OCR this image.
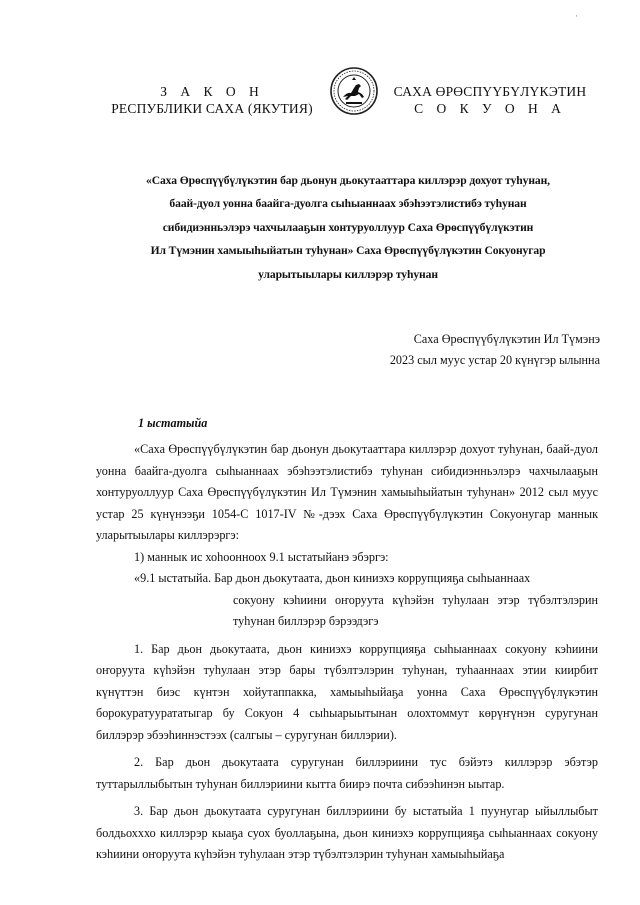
·
З А К О Н
РЕСПУБЛИКИ САХА (ЯКУТИЯ)
САХА ӨРӨСПҮҮБҮЛҮКЭТИН
С О К У О Н А
«Саха Өрөспүүбүлүкэтин бар дьонун дьокутааттара киллэрэр дохуот туһунан,
баай-дуол уонна баайга-дуолга сыһыаннаах эбэһээтэлистибэ туһунан
сибидиэнньэлэрэ чахчылааҕын хонтуруоллуур Саха Өрөспүүбүлүкэтин
Ил Түмэнин хамыыһыйатын туһунан» Саха Өрөспүүбүлүкэтин Сокуонугар
уларытыылары киллэрэр туһунан
Саха Өрөспүүбүлүкэтин Ил Түмэнэ
2023 сыл муус устар 20 күнүгэр ылынна
1 ыстатыйа

«Саха Өрөспүүбүлүкэтин бар дьонун дьокутааттара киллэрэр дохуот туһунан, баай-дуол уонна баайга-дуолга сыһыаннаах эбэһээтэлистибэ туһунан сибидиэнньэлэрэ чахчылааҕын хонтуруоллуур Саха Өрөспүүбүлүкэтин Ил Түмэнин хамыыһыйатын туһунан» 2012 сыл муус устар 25 күнүнээҕи 1054-С 1017-IV №-дээх Саха Өрөспүүбүлүкэтин Сокуонугар маннык уларытыылары киллэрэргэ:

1) маннык ис хоһоонноох 9.1 ыстатыйанэ эбэргэ:

«9.1 ыстатыйа. Бар дьон дьокутаата, дьон киниэхэ коррупцияҕа сыһыаннаах

сокуону кэһиини оҥоруута күһэйэн туһулаан этэр түбэлтэлэрин туһунан биллэрэр бэрээдэгэ

1. Бар дьон дьокутаата, дьон киниэхэ коррупцияҕа сыһыаннаах сокуону кэһиини оҥоруута күһэйэн туһулаан этэр бары түбэлтэлэрин туһунан, туһааннаах этии киирбит күнүттэн биэс күнтэн хойутаппакка, хамыыһыйаҕа уонна Саха Өрөспүүбүлүкэтин борокуратуурататыгар бу Сокуон 4 сыһыарыытынан олохтоммут көрүҥүнэн суругунан биллэрэр эбээһиннэстээх (салгыы – суругунан биллэрии).

2. Бар дьон дьокутаата суругунан биллэриини тус бэйэтэ киллэрэр эбэтэр туттарыллыбытын туһунан биллэриини кытта биирэ почта сибээһинэн ыытар.

3. Бар дьон дьокутаата суругунан биллэриини бу ыстатыйа 1 пуунугар ыйыллыбыт болдьохххо киллэрэр кыаҕа суох буоллаҕына, дьон киниэхэ коррупцияҕа сыһыаннаах сокуону кэһиини оҥоруута күһэйэн туһулаан этэр түбэлтэлэрин туһунан хамыыһыйаҕа
